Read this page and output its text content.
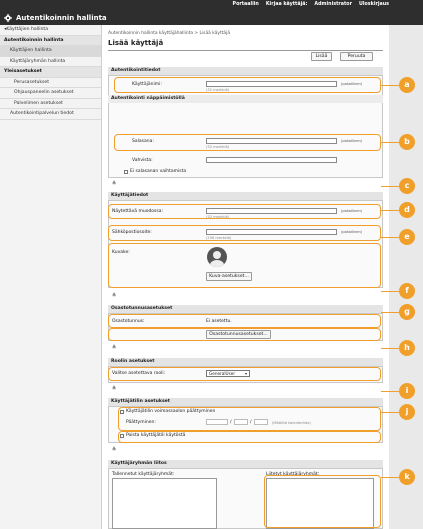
Portaaliin Kirjaa käyttäjä: Administrator Uloskirjaus
Autentikoinnin hallinta
◂Käyttäjien hallinta
Autentikoinnin hallinta
Käyttäjien hallinta
Käyttäjäryhmän hallinta
Yleisasetukset
Perusasetukset
Ohjauspaneelin asetukset
Palvelimen asetukset
Autentikointipalvelun tiedot
Autentikoinnin hallinta käyttäjähallinta > Lisää käyttäjä
Lisää käyttäjä
Lisää	Peruuta
Autentikointitiedot
Käyttäjänimi:	(pakollinen)
(32 merkkiä)
Autentikointi näppäimistöllä
Salasana:	(pakollinen)
(32 merkkiä)
Vahvista:
Ei salasanan vaihtamista
≚
Käyttäjätiedot
Näytettävä muodossa:	(pakollinen)
(32 merkkiä)
Sähköpostiosoite:	(pakollinen)
(256 merkkiä)
Kuvake:
Kuva-asetukset...
≚
Osastotunnusasetukset
Osastotunnus:	Ei asetettu.
Osastotunnusasetukset...
≚
Roolin asetukset
Valitse asetettava rooli:	GeneralUser
≚
Käyttäjätilin asetukset
Käyttäjätilin voimassaolon päättyminen
Päättyminen:	/	/	(Määritä kalenterista)
Poista käyttäjätili käytöstä
≚
Käyttäjäryhmän liitos
Tallennetut käyttäjäryhmät:	Liitetyt käyttäjäryhmät:
a
b
c
d
e
f
g
h
i
j
k
